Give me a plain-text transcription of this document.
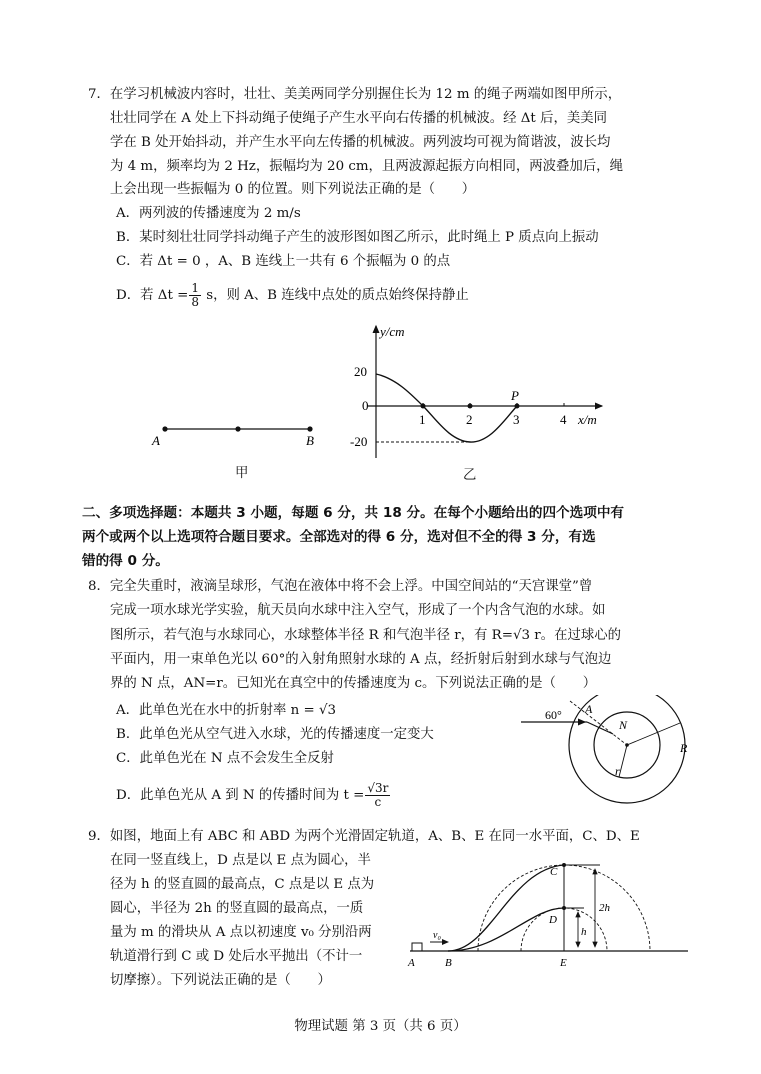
7．在学习机械波内容时，壮壮、美美两同学分别握住长为 12 m 的绳子两端如图甲所示，
壮壮同学在 A 处上下抖动绳子使绳子产生水平向右传播的机械波。经 Δt 后，美美同
学在 B 处开始抖动，并产生水平向左传播的机械波。两列波均可视为简谐波，波长均
为 4 m，频率均为 2 Hz，振幅均为 20 cm，且两波源起振方向相同，两波叠加后，绳
上会出现一些振幅为 0 的位置。则下列说法正确的是（　　）
A．两列波的传播速度为 2 m/s
B．某时刻壮壮同学抖动绳子产生的波形图如图乙所示，此时绳上 P 质点向上振动
C．若 Δt = 0 ，A、B 连线上一共有 6 个振幅为 0 的点
D．若 $\Delta t = \frac{1}{8}$ s，则 A、B 连线中点处的质点始终保持静止
A	B
甲
y/cm
x/m
20
0
-20
1	2	3	4
P
乙
二、多项选择题：本题共 3 小题，每题 6 分，共 18 分。在每个小题给出的四个选项中有
两个或两个以上选项符合题目要求。全部选对的得 6 分，选对但不全的得 3 分，有选
错的得 0 分。
8．完全失重时，液滴呈球形，气泡在液体中将不会上浮。中国空间站的“天宫课堂”曾
完成一项水球光学实验，航天员向水球中注入空气，形成了一个内含气泡的水球。如
图所示，若气泡与水球同心，水球整体半径 R 和气泡半径 r，有 R=√3 r。在过球心的
平面内，用一束单色光以 60°的入射角照射水球的 A 点，经折射后射到水球与气泡边
界的 N 点，AN=r。已知光在真空中的传播速度为 c。下列说法正确的是（　　）
A．此单色光在水中的折射率 n = √3
B．此单色光从空气进入水球，光的传播速度一定变大
C．此单色光在 N 点不会发生全反射
D．此单色光从 A 到 N 的传播时间为 $t = \frac{√3r}{c}$
60° A
N
R
r
9．如图，地面上有 ABC 和 ABD 为两个光滑固定轨道，A、B、E 在同一水平面，C、D、E
在同一竖直线上，D 点是以 E 点为圆心，半
径为 h 的竖直圆的最高点，C 点是以 E 点为
圆心，半径为 2h 的竖直圆的最高点，一质
量为 m 的滑块从 A 点以初速度 v₀ 分别沿两
轨道滑行到 C 或 D 处后水平抛出（不计一
切摩擦）。下列说法正确的是（　　）
A	B	E
C
D
2h
h
v₀
物理试题 第 3 页（共 6 页）
